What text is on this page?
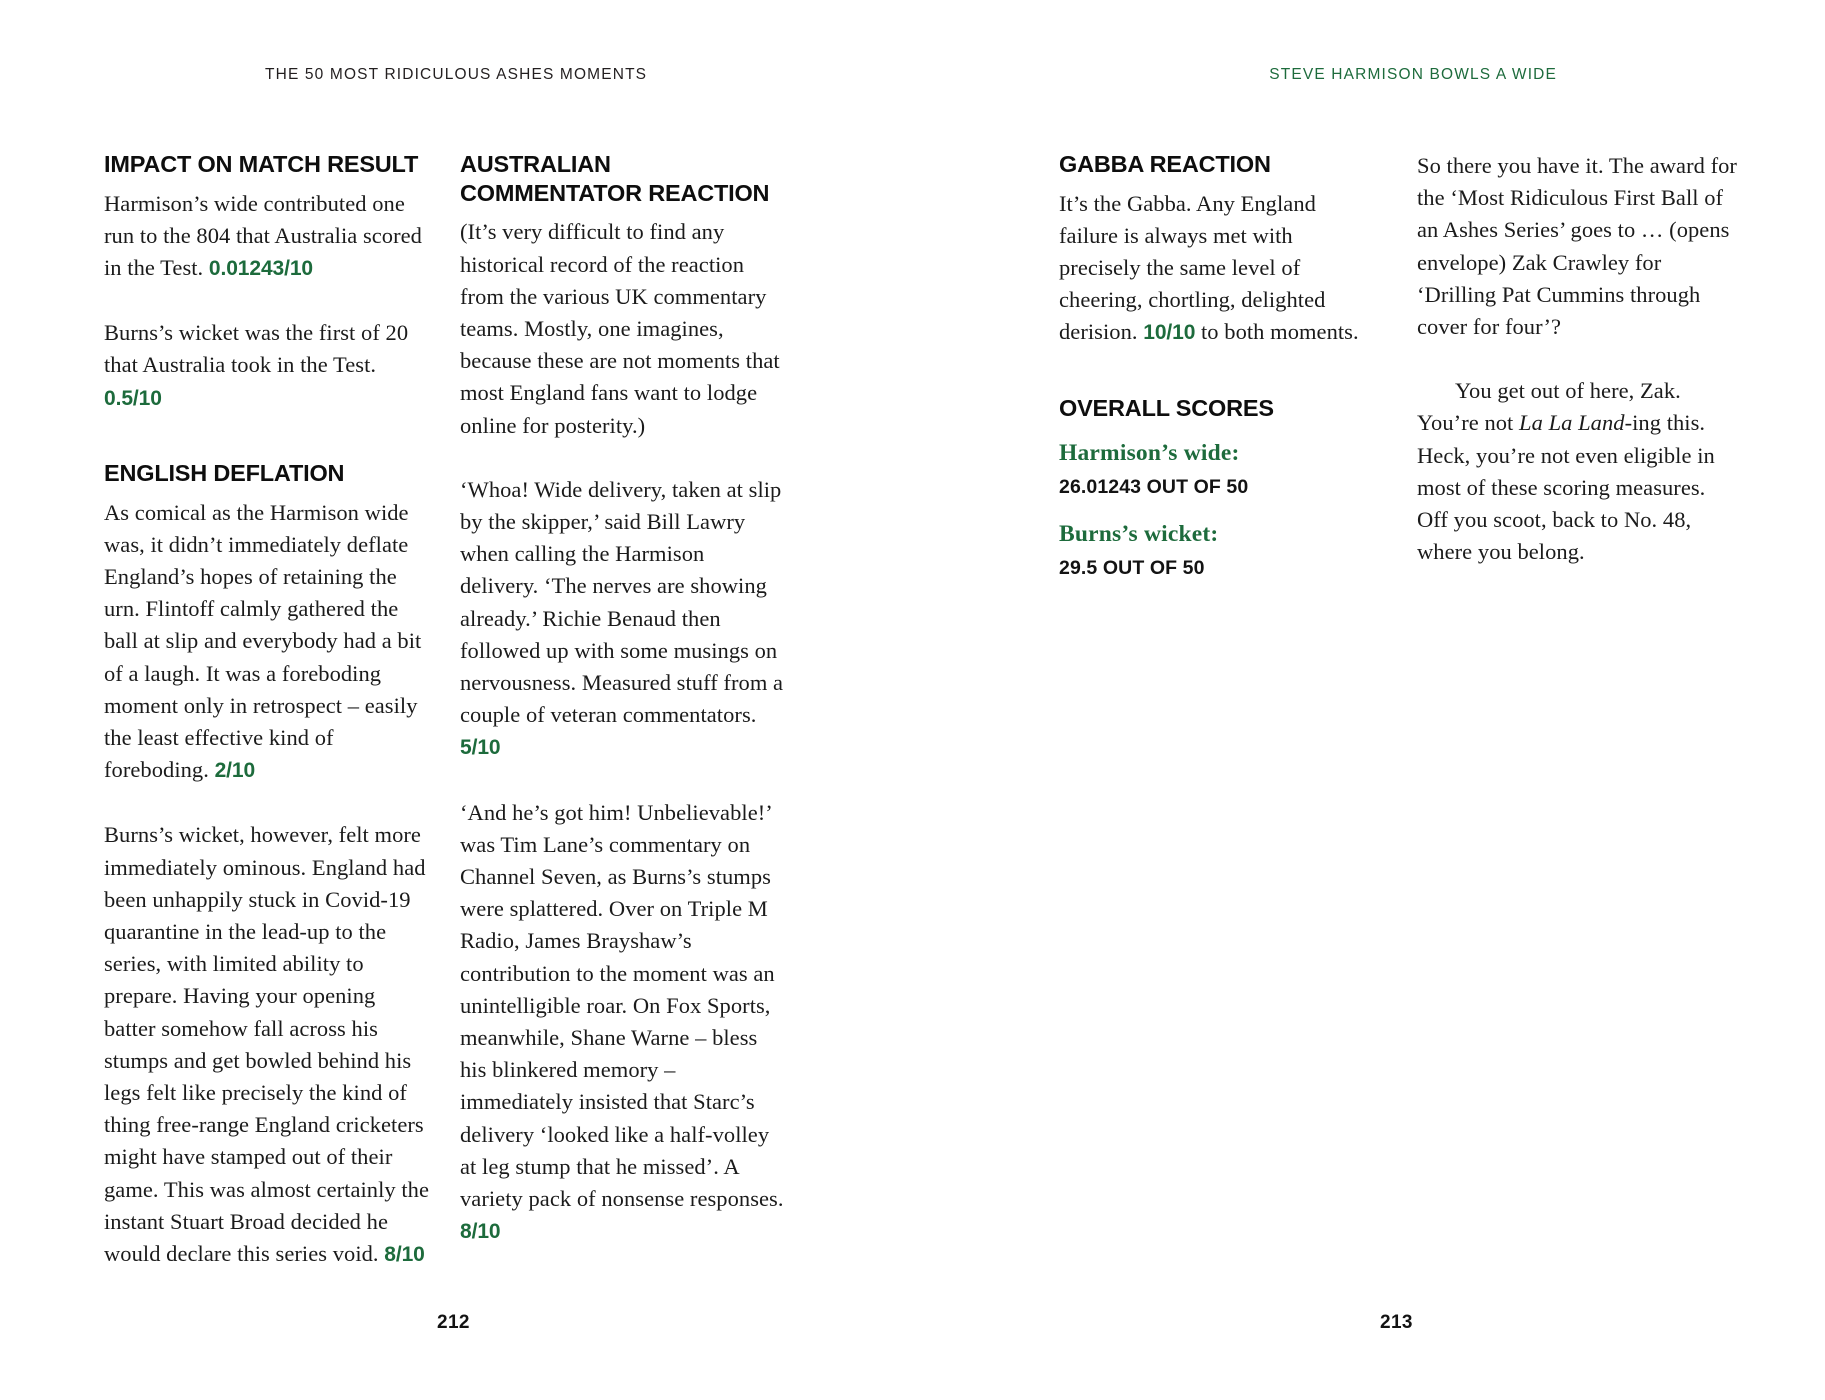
THE 50 MOST RIDICULOUS ASHES MOMENTS	STEVE HARMISON BOWLS A WIDE
IMPACT ON MATCH RESULT

Harmison’s wide contributed one run to the 804 that Australia scored in the Test. 0.01243/10

Burns’s wicket was the first of 20 that Australia took in the Test. 0.5/10

ENGLISH DEFLATION

As comical as the Harmison wide was, it didn’t immediately deflate England’s hopes of retaining the urn. Flintoff calmly gathered the ball at slip and everybody had a bit of a laugh. It was a foreboding moment only in retrospect – easily the least effective kind of foreboding. 2/10

Burns’s wicket, however, felt more immediately ominous. England had been unhappily stuck in Covid-19 quarantine in the lead-up to the series, with limited ability to prepare. Having your opening batter somehow fall across his stumps and get bowled behind his legs felt like precisely the kind of thing free-range England cricketers might have stamped out of their game. This was almost certainly the instant Stuart Broad decided he would declare this series void. 8/10

AUSTRALIAN
COMMENTATOR REACTION

(It’s very difficult to find any historical record of the reaction from the various UK commentary teams. Mostly, one imagines, because these are not moments that most England fans want to lodge online for posterity.)

‘Whoa! Wide delivery, taken at slip by the skipper,’ said Bill Lawry when calling the Harmison delivery. ‘The nerves are showing already.’ Richie Benaud then followed up with some musings on nervousness. Measured stuff from a couple of veteran commentators. 5/10

‘And he’s got him! Unbelievable!’ was Tim Lane’s commentary on Channel Seven, as Burns’s stumps were splattered. Over on Triple M Radio, James Brayshaw’s contribution to the moment was an unintelligible roar. On Fox Sports, meanwhile, Shane Warne – bless his blinkered memory – immediately insisted that Starc’s delivery ‘looked like a half-volley at leg stump that he missed’. A variety pack of nonsense responses. 8/10

GABBA REACTION

It’s the Gabba. Any England failure is always met with precisely the same level of cheering, chortling, delighted derision. 10/10 to both moments.

OVERALL SCORES

Harmison’s wide:

26.01243 OUT OF 50

Burns’s wicket:

29.5 OUT OF 50

So there you have it. The award for the ‘Most Ridiculous First Ball of an Ashes Series’ goes to … (opens envelope) Zak Crawley for ‘Drilling Pat Cummins through cover for four’?

You get out of here, Zak. You’re not La La Land-ing this. Heck, you’re not even eligible in most of these scoring measures. Off you scoot, back to No. 48, where you belong.

212	213
